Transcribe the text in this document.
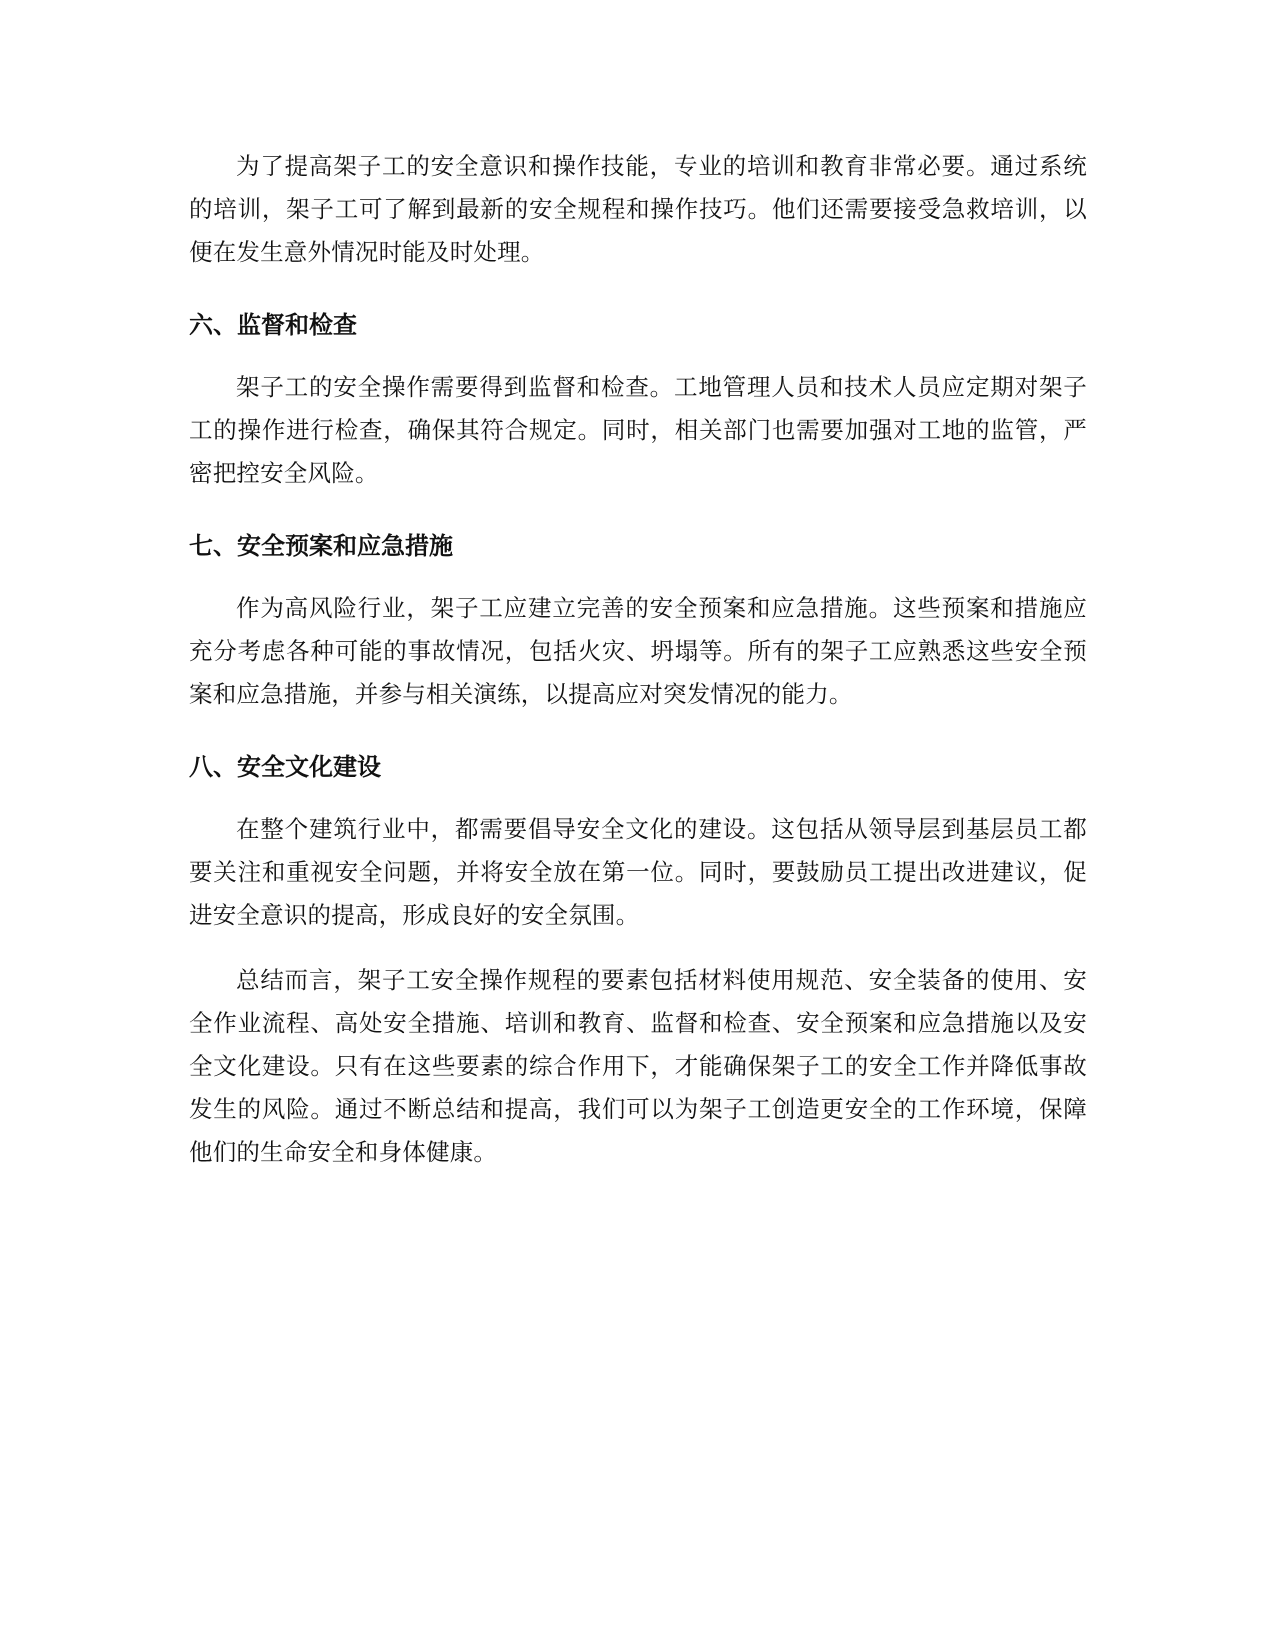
为了提高架子工的安全意识和操作技能，专业的培训和教育非常必要。通过系统的培训，架子工可了解到最新的安全规程和操作技巧。他们还需要接受急救培训，以便在发生意外情况时能及时处理。

六、监督和检查

架子工的安全操作需要得到监督和检查。工地管理人员和技术人员应定期对架子工的操作进行检查，确保其符合规定。同时，相关部门也需要加强对工地的监管，严密把控安全风险。

七、安全预案和应急措施

作为高风险行业，架子工应建立完善的安全预案和应急措施。这些预案和措施应充分考虑各种可能的事故情况，包括火灾、坍塌等。所有的架子工应熟悉这些安全预案和应急措施，并参与相关演练，以提高应对突发情况的能力。

八、安全文化建设

在整个建筑行业中，都需要倡导安全文化的建设。这包括从领导层到基层员工都要关注和重视安全问题，并将安全放在第一位。同时，要鼓励员工提出改进建议，促进安全意识的提高，形成良好的安全氛围。

总结而言，架子工安全操作规程的要素包括材料使用规范、安全装备的使用、安全作业流程、高处安全措施、培训和教育、监督和检查、安全预案和应急措施以及安全文化建设。只有在这些要素的综合作用下，才能确保架子工的安全工作并降低事故发生的风险。通过不断总结和提高，我们可以为架子工创造更安全的工作环境，保障他们的生命安全和身体健康。
